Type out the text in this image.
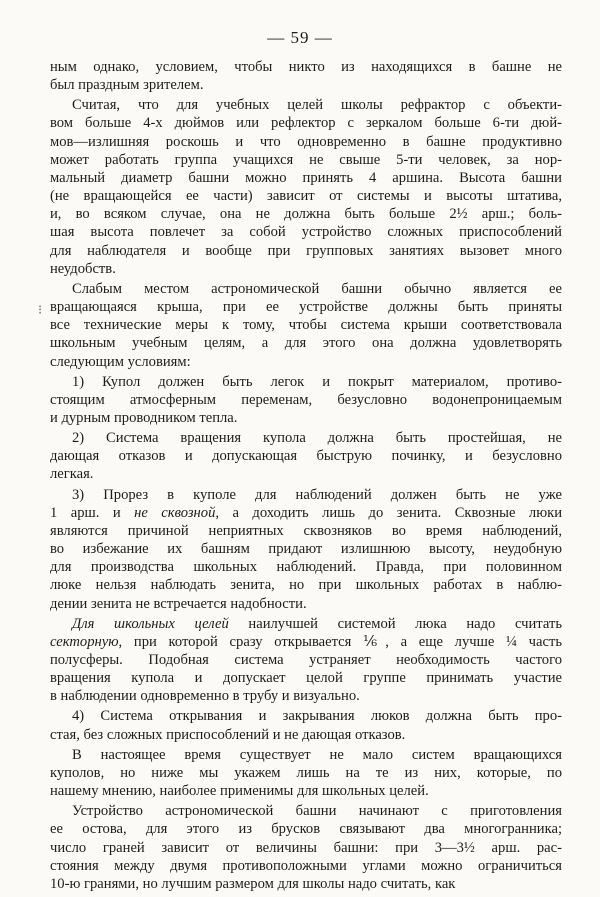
— 59 —
⁝
ным однако, условием, чтобы никто из находящихся в башне не
был праздным зрителем.
Считая, что для учебных целей школы рефрактор с объекти-
вом больше 4-х дюймов или рефлектор с зеркалом больше 6-ти дюй-
мов—излишняя роскошь и что одновременно в башне продуктивно
может работать группа учащихся не свыше 5-ти человек, за нор-
мальный диаметр башни можно принять 4 аршина. Высота башни
(не вращающейся ее части) зависит от системы и высоты штатива,
и, во всяком случае, она не должна быть больше 2½ арш.; боль-
шая высота повлечет за собой устройство сложных приспособлений
для наблюдателя и вообще при групповых занятиях вызовет много
неудобств.
Слабым местом астрономической башни обычно является ее
вращающаяся крыша, при ее устройстве должны быть приняты
все технические меры к тому, чтобы система крыши соответствовала
школьным учебным целям, а для этого она должна удовлетворять
следующим условиям:
1) Купол должен быть легок и покрыт материалом, противо-
стоящим атмосферным переменам, безусловно водонепроницаемым
и дурным проводником тепла.
2) Система вращения купола должна быть простейшая, не
дающая отказов и допускающая быструю починку, и безусловно
легкая.
3) Прорез в куполе для наблюдений должен быть не уже
1 арш. и не сквозной, а доходить лишь до зенита. Сквозные люки
являются причиной неприятных сквозняков во время наблюдений,
во избежание их башням придают излишнюю высоту, неудобную
для производства школьных наблюдений. Правда, при половинном
люке нельзя наблюдать зенита, но при школьных работах в наблю-
дении зенита не встречается надобности.
Для школьных целей наилучшей системой люка надо считать
секторную, при которой сразу открывается ⅙, а еще лучше ¼ часть
полусферы. Подобная система устраняет необходимость частого
вращения купола и допускает целой группе принимать участие
в наблюдении одновременно в трубу и визуально.
4) Система открывания и закрывания люков должна быть про-
стая, без сложных приспособлений и не дающая отказов.
В настоящее время существует не мало систем вращающихся
куполов, но ниже мы укажем лишь на те из них, которые, по
нашему мнению, наиболее применимы для школьных целей.
Устройство астрономической башни начинают с приготовления
ее остова, для этого из брусков связывают два многогранника;
число граней зависит от величины башни: при 3—3½ арш. рас-
стояния между двумя противоположными углами можно ограничиться
10-ю гранями, но лучшим размером для школы надо считать, как
